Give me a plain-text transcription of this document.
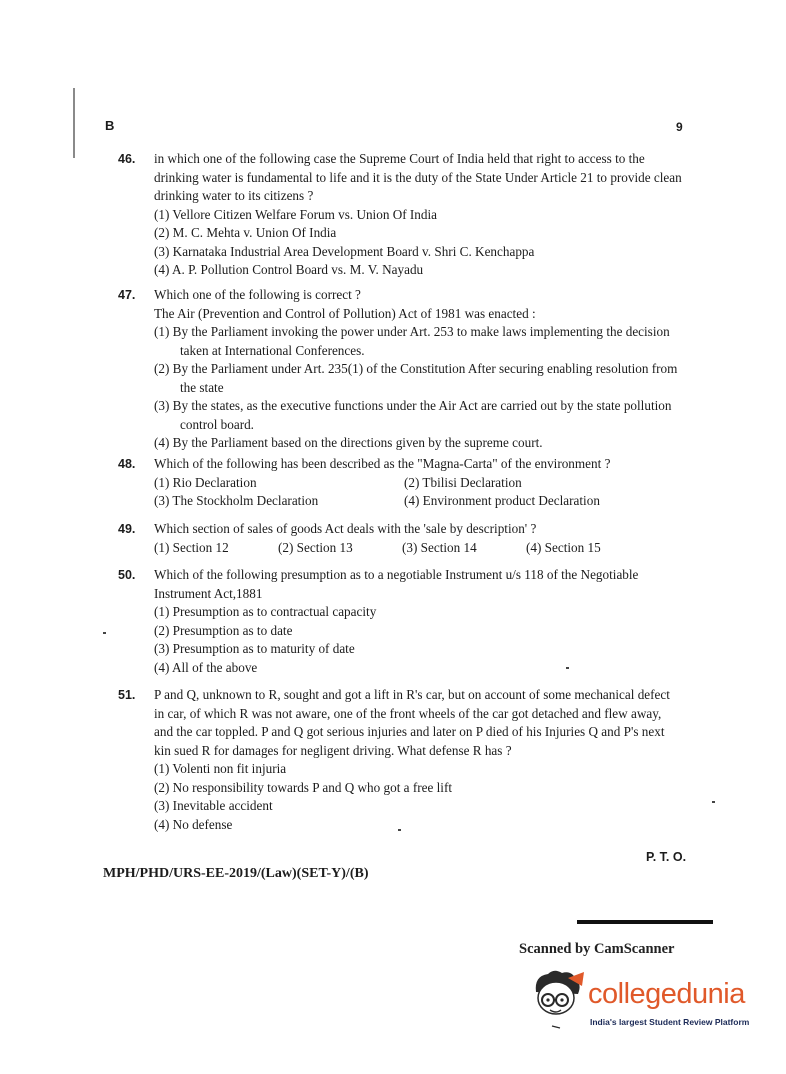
B	9
46. in which one of the following case the Supreme Court of India held that right to access to the drinking water is fundamental to life and it is the duty of the State Under Article 21 to provide clean drinking water to its citizens ?
(1) Vellore Citizen Welfare Forum vs. Union Of India
(2) M. C. Mehta v. Union Of India
(3) Karnataka Industrial Area Development Board v. Shri C. Kenchappa
(4) A. P. Pollution Control Board vs. M. V. Nayadu
47. Which one of the following is correct ?
The Air (Prevention and Control of Pollution) Act of 1981 was enacted :
(1) By the Parliament invoking the power under Art. 253 to make laws implementing the decision taken at International Conferences.
(2) By the Parliament under Art. 235(1) of the Constitution After securing enabling resolution from the state
(3) By the states, as the executive functions under the Air Act are carried out by the state pollution control board.
(4) By the Parliament based on the directions given by the supreme court.
48. Which of the following has been described as the "Magna-Carta" of the environment ?
(1) Rio Declaration	(2) Tbilisi Declaration
(3) The Stockholm Declaration	(4) Environment product Declaration
49. Which section of sales of goods Act deals with the 'sale by description' ?
(1) Section 12	(2) Section 13	(3) Section 14	(4) Section 15
50. Which of the following presumption as to a negotiable Instrument u/s 118 of the Negotiable Instrument Act,1881
(1) Presumption as to contractual capacity
(2) Presumption as to date
(3) Presumption as to maturity of date
(4) All of the above
51. P and Q, unknown to R, sought and got a lift in R's car, but on account of some mechanical defect in car, of which R was not aware, one of the front wheels of the car got detached and flew away, and the car toppled. P and Q got serious injuries and later on P died of his Injuries Q and P's next kin sued R for damages for negligent driving. What defense R has ?
(1) Volenti non fit injuria
(2) No responsibility towards P and Q who got a free lift
(3) Inevitable accident
(4) No defense
P. T. O.
MPH/PHD/URS-EE-2019/(Law)(SET-Y)/(B)
Scanned by CamScanner
collegedunia
India's largest Student Review Platform
